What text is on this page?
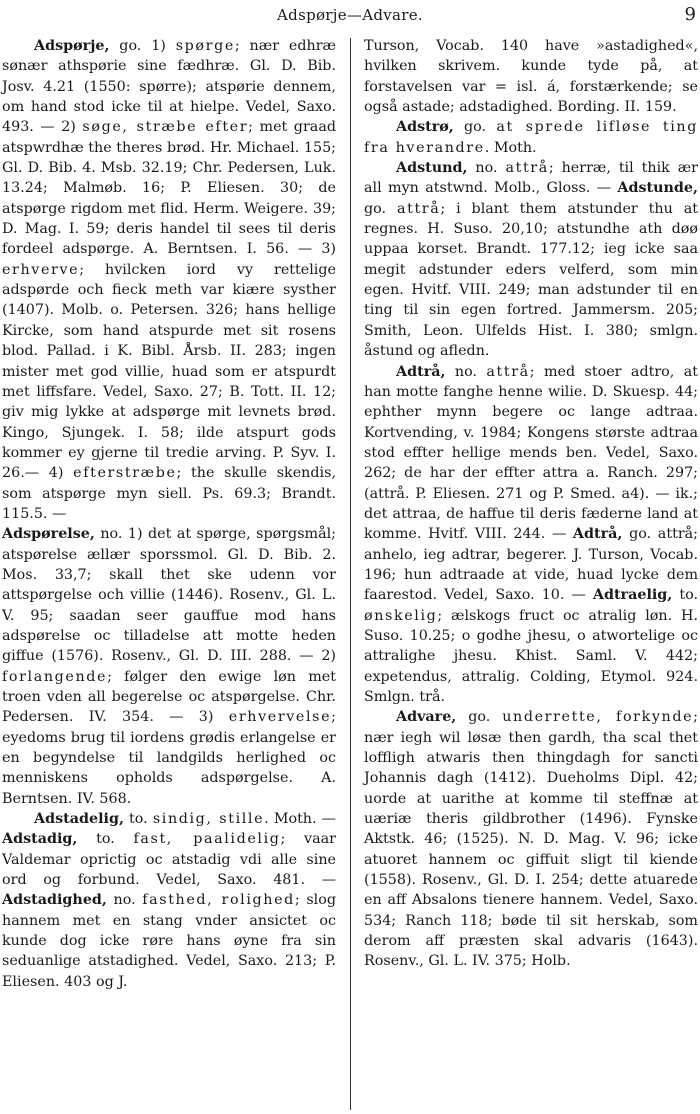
Adspørje—Advare.	9

Adspørje, go. 1) spørge; nær edhræ sønær athspørie sine fædhræ. Gl. D. Bib. Josv. 4.21 (1550: spørre); atspørie dennem, om hand stod icke til at hielpe. Vedel, Saxo. 493. — 2) søge, stræbe efter; met graad atspwrdhæ the theres brød. Hr. Michael. 155; Gl. D. Bib. 4. Msb. 32.19; Chr. Pedersen, Luk. 13.24; Malmøb. 16; P. Eliesen. 30; de atspørge rigdom met flid. Herm. Weigere. 39; D. Mag. I. 59; deris handel til sees til deris fordeel adspørge. A. Berntsen. I. 56. — 3) erhverve; hvilcken iord vy rettelige adspørde och fieck meth var kiære systher (1407). Molb. o. Petersen. 326; hans hellige Kircke, som hand atspurde met sit rosens blod. Pallad. i K. Bibl. Årsb. II. 283; ingen mister met god villie, huad som er atspurdt met liffsfare. Vedel, Saxo. 27; B. Tott. II. 12; giv mig lykke at adspørge mit levnets brød. Kingo, Sjungek. I. 58; ilde atspurt gods kommer ey gjerne til tredie arving. P. Syv. I. 26.— 4) efterstræbe; the skulle skendis, som atspørge myn siell. Ps. 69.3; Brandt. 115.5. —

Adspørelse, no. 1) det at spørge, spørgsmål; atspørelse ællær sporssmol. Gl. D. Bib. 2. Mos. 33,7; skall thet ske udenn vor attspørgelse och villie (1446). Rosenv., Gl. L. V. 95; saadan seer gauffue mod hans adspørelse oc tilladelse att motte heden giffue (1576). Rosenv., Gl. D. III. 288. — 2) forlangende; følger den ewige løn met troen vden all begerelse oc atspørgelse. Chr. Pedersen. IV. 354. — 3) erhvervelse; eyedoms brug til iordens grødis erlangelse er en begyndelse til landgilds herlighed oc menniskens opholds adspørgelse. A. Berntsen. IV. 568.

Adstadelig, to. sindig, stille. Moth. — Adstadig, to. fast, paalidelig; vaar Valdemar oprictig oc atstadig vdi alle sine ord og forbund. Vedel, Saxo. 481. — Adstadighed, no. fasthed, rolighed; slog hannem met en stang vnder ansictet oc kunde dog icke røre hans øyne fra sin seduanlige atstadighed. Vedel, Saxo. 213; P. Eliesen. 403 og J.

Turson, Vocab. 140 have »astadighed«, hvilken skrivem. kunde tyde på, at forstavelsen var = isl. á, forstærkende; se også astade; adstadighed. Bording. II. 159.

Adstrø, go. at sprede lifløse ting fra hverandre. Moth.

Adstund, no. attrå; herræ, til thik ær all myn atstwnd. Molb., Gloss. — Adstunde, go. attrå; i blant them atstunder thu at regnes. H. Suso. 20,10; atstundhe ath døø uppaa korset. Brandt. 177.12; ieg icke saa megit adstunder eders velferd, som min egen. Hvitf. VIII. 249; man adstunder til en ting til sin egen fortred. Jammersm. 205; Smith, Leon. Ulfelds Hist. I. 380; smlgn. åstund og afledn.

Adtrå, no. attrå; med stoer adtro, at han motte fanghe henne wilie. D. Skuesp. 44; ephther mynn begere oc lange adtraa. Kortvending, v. 1984; Kongens største adtraa stod effter hellige mends ben. Vedel, Saxo. 262; de har der effter attra a. Ranch. 297; (attrå. P. Eliesen. 271 og P. Smed. a4). — ik.; det attraa, de haffue til deris fæderne land at komme. Hvitf. VIII. 244. — Adtrå, go. attrå; anhelo, ieg adtrar, begerer. J. Turson, Vocab. 196; hun adtraade at vide, huad lycke dem faarestod. Vedel, Saxo. 10. — Adtraelig, to. ønskelig; ælskogs fruct oc atralig løn. H. Suso. 10.25; o godhe jhesu, o atwortelige oc attralighe jhesu. Khist. Saml. V. 442; expetendus, attralig. Colding, Etymol. 924. Smlgn. trå.

Advare, go. underrette, forkynde; nær iegh wil løsæ then gardh, tha scal thet loffligh atwaris then thingdagh for sancti Johannis dagh (1412). Dueholms Dipl. 42; uorde at uarithe at komme til steffnæ at uæriæ theris gildbrother (1496). Fynske Aktstk. 46; (1525). N. D. Mag. V. 96; icke atuoret hannem oc giffuit sligt til kiende (1558). Rosenv., Gl. D. I. 254; dette atuarede en aff Absalons tienere hannem. Vedel, Saxo. 534; Ranch 118; bøde til sit herskab, som derom aff præsten skal advaris (1643). Rosenv., Gl. L. IV. 375; Holb.
